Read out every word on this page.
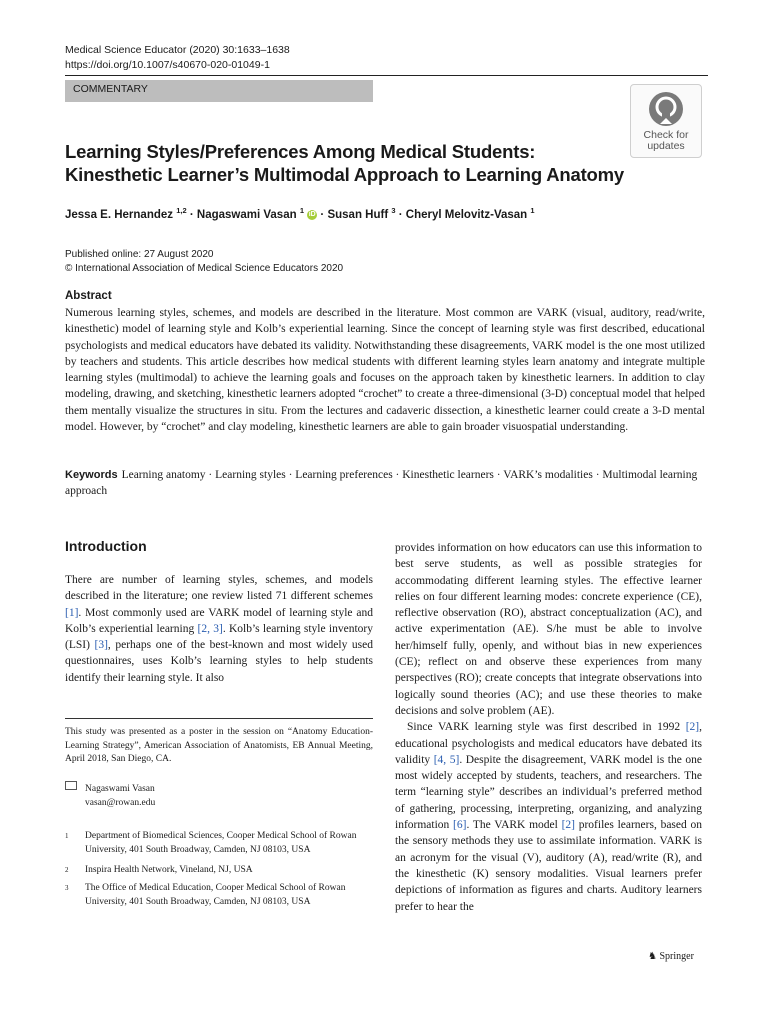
Medical Science Educator (2020) 30:1633–1638
https://doi.org/10.1007/s40670-020-01049-1
COMMENTARY
Check for
updates
Learning Styles/Preferences Among Medical Students: Kinesthetic Learner’s Multimodal Approach to Learning Anatomy
Jessa E. Hernandez $^{1,2}$ · Nagaswami Vasan $^1$ iD · Susan Huff $^3$ · Cheryl Melovitz-Vasan $^1$
Published online: 27 August 2020
© International Association of Medical Science Educators 2020
Abstract
Numerous learning styles, schemes, and models are described in the literature. Most common are VARK (visual, auditory, read/write, kinesthetic) model of learning style and Kolb’s experiential learning. Since the concept of learning style was first described, educational psychologists and medical educators have debated its validity. Notwithstanding these disagreements, VARK model is the one most utilized by teachers and students. This article describes how medical students with different learning styles learn anatomy and integrate multiple learning styles (multimodal) to achieve the learning goals and focuses on the approach taken by kinesthetic learners. In addition to clay modeling, drawing, and sketching, kinesthetic learners adopted “crochet” to create a three-dimensional (3-D) conceptual model that helped them mentally visualize the structures in situ. From the lectures and cadaveric dissection, a kinesthetic learner could create a 3-D mental model. However, by “crochet” and clay modeling, kinesthetic learners are able to gain broader visuospatial understanding.
Keywords Learning anatomy · Learning styles · Learning preferences · Kinesthetic learners · VARK’s modalities · Multimodal learning approach
Introduction
There are number of learning styles, schemes, and models described in the literature; one review listed 71 different schemes [1]. Most commonly used are VARK model of learning style and Kolb’s experiential learning [2, 3]. Kolb’s learning style inventory (LSI) [3], perhaps one of the best-known and most widely used questionnaires, uses Kolb’s learning styles to help students identify their learning style. It also
provides information on how educators can use this information to best serve students, as well as possible strategies for accommodating different learning styles. The effective learner relies on four different learning modes: concrete experience (CE), reflective observation (RO), abstract conceptualization (AC), and active experimentation (AE). S/he must be able to involve her/himself fully, openly, and without bias in new experiences (CE); reflect on and observe these experiences from many perspectives (RO); create concepts that integrate observations into logically sound theories (AC); and use these theories to make decisions and solve problem (AE).
Since VARK learning style was first described in 1992 [2], educational psychologists and medical educators have debated its validity [4, 5]. Despite the disagreement, VARK model is the one most widely accepted by students, teachers, and researchers. The term “learning style” describes an individual’s preferred method of gathering, processing, interpreting, organizing, and analyzing information [6]. The VARK model [2] profiles learners, based on the sensory methods they use to assimilate information. VARK is an acronym for the visual (V), auditory (A), read/write (R), and the kinesthetic (K) sensory modalities. Visual learners prefer depictions of information as figures and charts. Auditory learners prefer to hear the
This study was presented as a poster in the session on “Anatomy Education-Learning Strategy”, American Association of Anatomists, EB Annual Meeting, April 2018, San Diego, CA.
Nagaswami Vasan
vasan@rowan.edu
1 Department of Biomedical Sciences, Cooper Medical School of Rowan University, 401 South Broadway, Camden, NJ 08103, USA
2 Inspira Health Network, Vineland, NJ, USA
3 The Office of Medical Education, Cooper Medical School of Rowan University, 401 South Broadway, Camden, NJ 08103, USA
♞ Springer
